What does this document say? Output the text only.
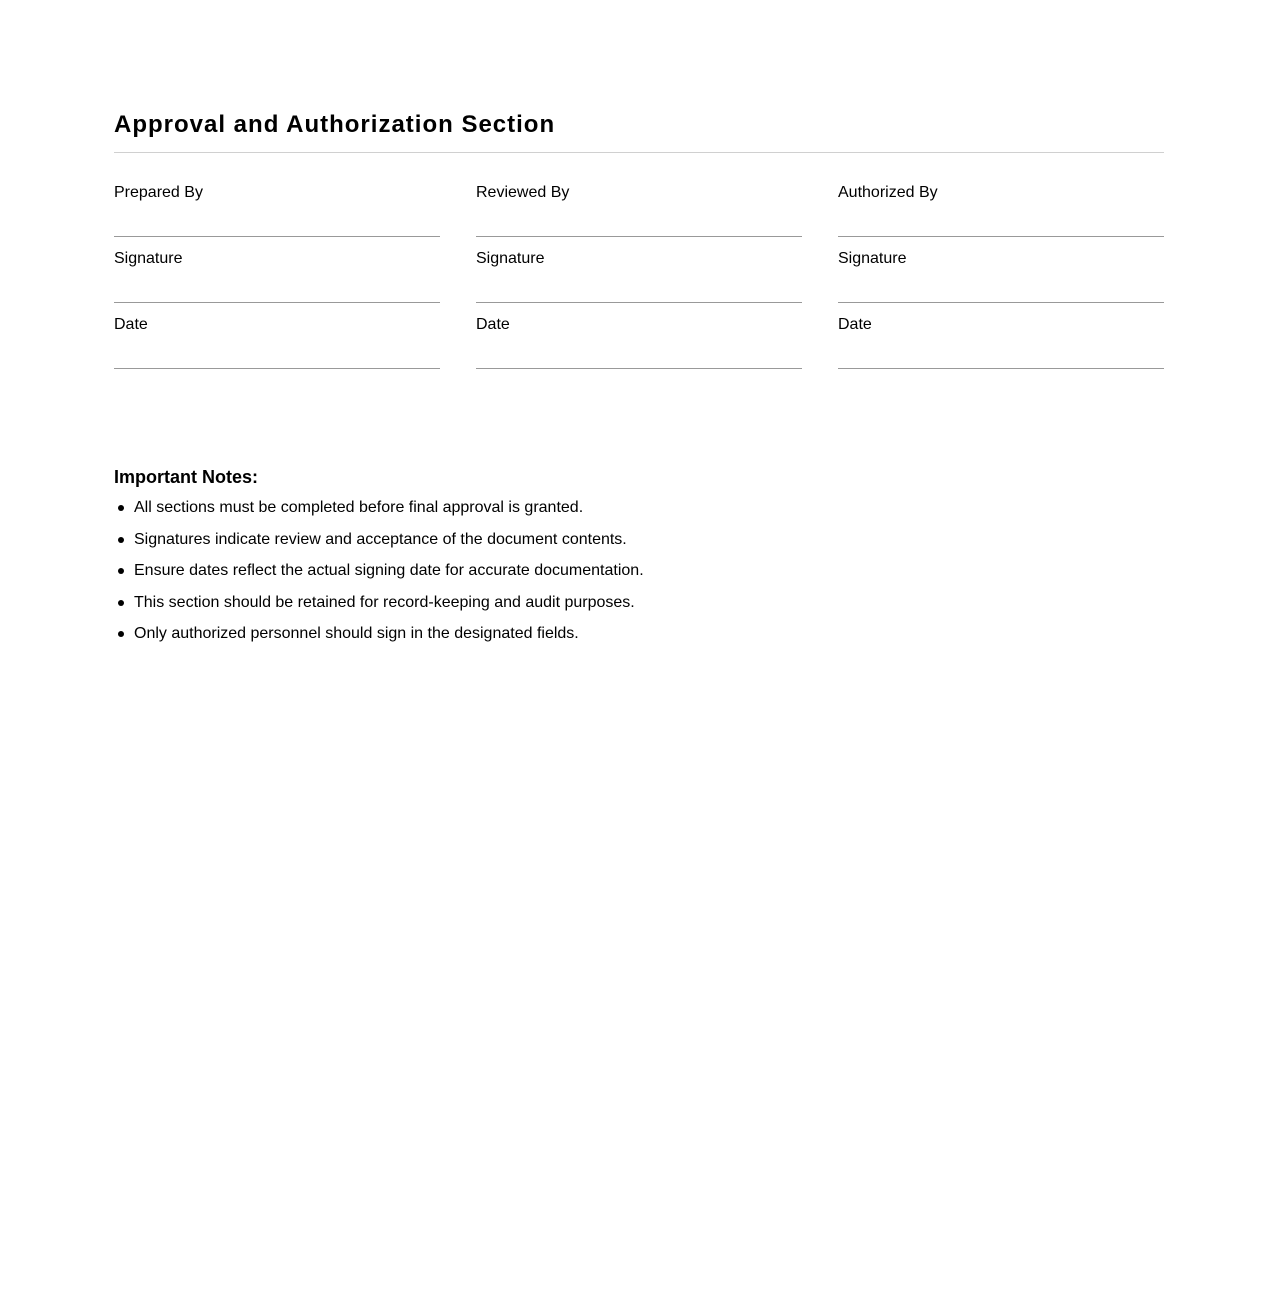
Approval and Authorization Section
Prepared By
Signature
Date
Reviewed By
Signature
Date
Authorized By
Signature
Date
Important Notes:
All sections must be completed before final approval is granted.
Signatures indicate review and acceptance of the document contents.
Ensure dates reflect the actual signing date for accurate documentation.
This section should be retained for record-keeping and audit purposes.
Only authorized personnel should sign in the designated fields.
